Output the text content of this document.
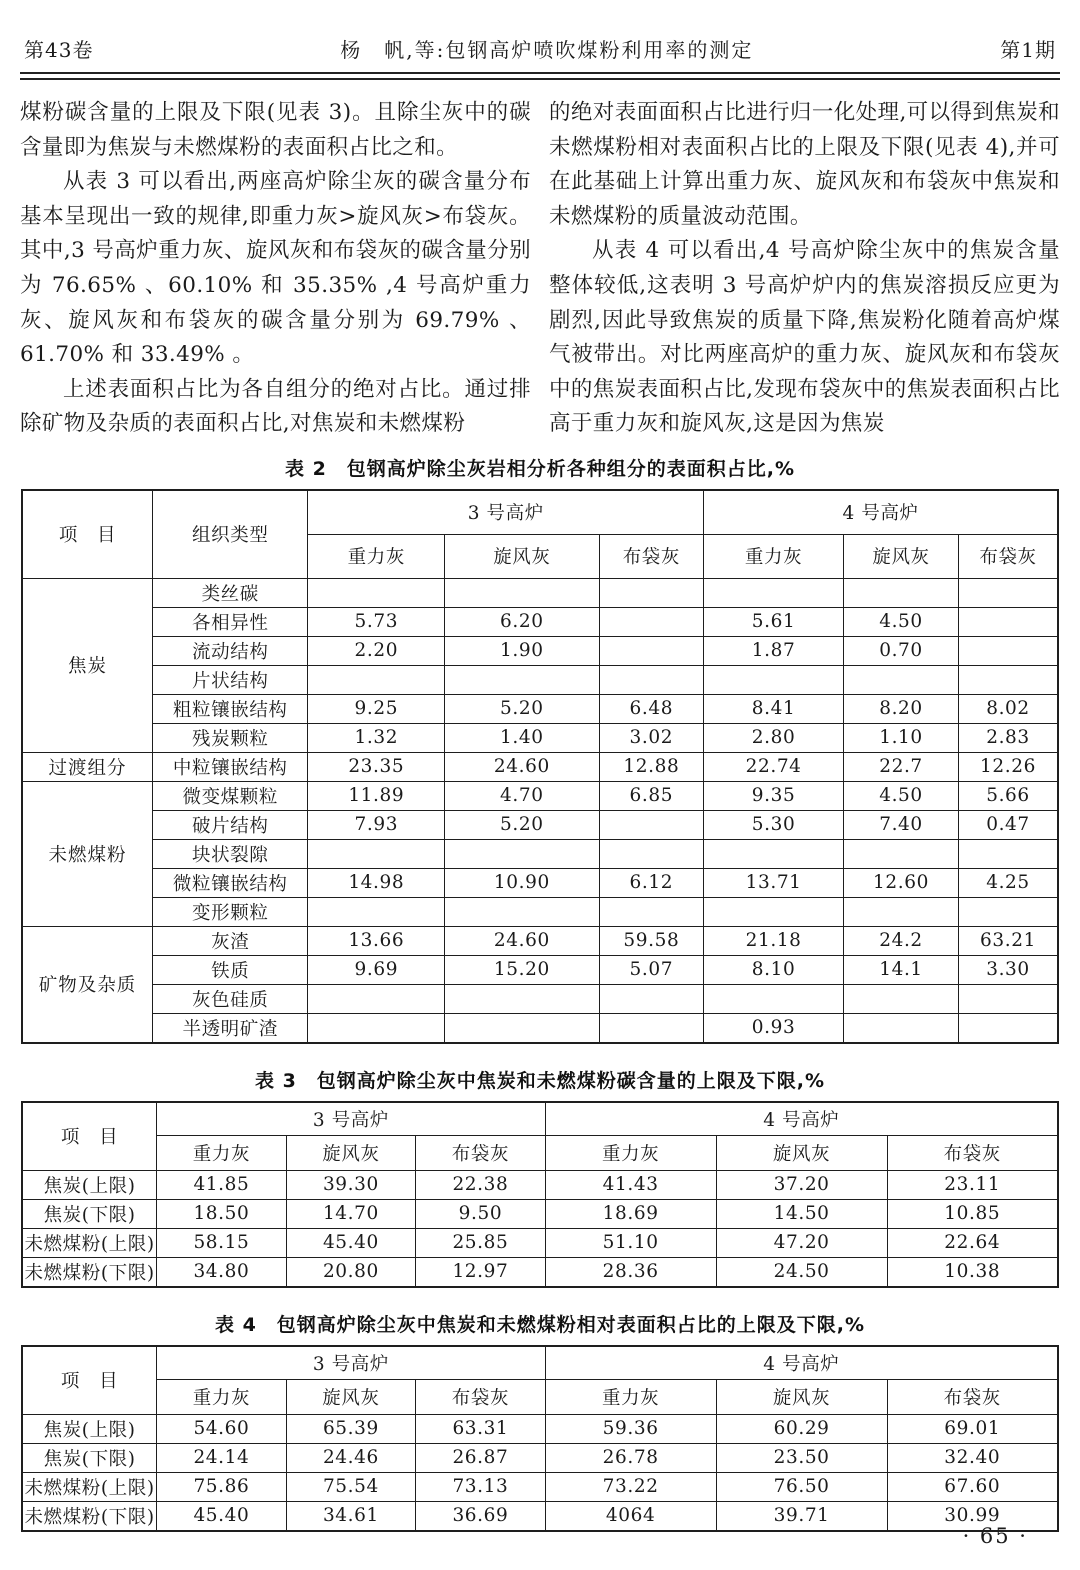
第43卷	杨　帆,等:包钢高炉喷吹煤粉利用率的测定	第1期

煤粉碳含量的上限及下限(见表 3)。且除尘灰中的碳含量即为焦炭与未燃煤粉的表面积占比之和。

从表 3 可以看出,两座高炉除尘灰的碳含量分布基本呈现出一致的规律,即重力灰>旋风灰>布袋灰。其中,3 号高炉重力灰、旋风灰和布袋灰的碳含量分别为 76.65% 、60.10% 和 35.35% ,4 号高炉重力灰、旋风灰和布袋灰的碳含量分别为 69.79% 、61.70% 和 33.49% 。

上述表面积占比为各自组分的绝对占比。通过排除矿物及杂质的表面积占比,对焦炭和未燃煤粉

的绝对表面面积占比进行归一化处理,可以得到焦炭和未燃煤粉相对表面积占比的上限及下限(见表 4),并可在此基础上计算出重力灰、旋风灰和布袋灰中焦炭和未燃煤粉的质量波动范围。

从表 4 可以看出,4 号高炉除尘灰中的焦炭含量整体较低,这表明 3 号高炉炉内的焦炭溶损反应更为剧烈,因此导致焦炭的质量下降,焦炭粉化随着高炉煤气被带出。对比两座高炉的重力灰、旋风灰和布袋灰中的焦炭表面积占比,发现布袋灰中的焦炭表面积占比高于重力灰和旋风灰,这是因为焦炭

表 2　包钢高炉除尘灰岩相分析各种组分的表面积占比,%
项　目	组织类型	3 号高炉			4 号高炉		
		重力灰	旋风灰	布袋灰	重力灰	旋风灰	布袋灰
焦炭	类丝碳						
	各相异性	5.73	6.20		5.61	4.50	
	流动结构	2.20	1.90		1.87	0.70	
	片状结构						
	粗粒镶嵌结构	9.25	5.20	6.48	8.41	8.20	8.02
	残炭颗粒	1.32	1.40	3.02	2.80	1.10	2.83
过渡组分	中粒镶嵌结构	23.35	24.60	12.88	22.74	22.7	12.26
未燃煤粉	微变煤颗粒	11.89	4.70	6.85	9.35	4.50	5.66
	破片结构	7.93	5.20		5.30	7.40	0.47
	块状裂隙						
	微粒镶嵌结构	14.98	10.90	6.12	13.71	12.60	4.25
	变形颗粒						
矿物及杂质	灰渣	13.66	24.60	59.58	21.18	24.2	63.21
	铁质	9.69	15.20	5.07	8.10	14.1	3.30
	灰色硅质						
	半透明矿渣				0.93		
表 3　包钢高炉除尘灰中焦炭和未燃煤粉碳含量的上限及下限,%
项　目	3 号高炉			4 号高炉		
	重力灰	旋风灰	布袋灰	重力灰	旋风灰	布袋灰
焦炭(上限)	41.85	39.30	22.38	41.43	37.20	23.11
焦炭(下限)	18.50	14.70	9.50	18.69	14.50	10.85
未燃煤粉(上限)	58.15	45.40	25.85	51.10	47.20	22.64
未燃煤粉(下限)	34.80	20.80	12.97	28.36	24.50	10.38
表 4　包钢高炉除尘灰中焦炭和未燃煤粉相对表面积占比的上限及下限,%
项　目	3 号高炉			4 号高炉		
	重力灰	旋风灰	布袋灰	重力灰	旋风灰	布袋灰
焦炭(上限)	54.60	65.39	63.31	59.36	60.29	69.01
焦炭(下限)	24.14	24.46	26.87	26.78	23.50	32.40
未燃煤粉(上限)	75.86	75.54	73.13	73.22	76.50	67.60
未燃煤粉(下限)	45.40	34.61	36.69	4064	39.71	30.99
· 65 ·
